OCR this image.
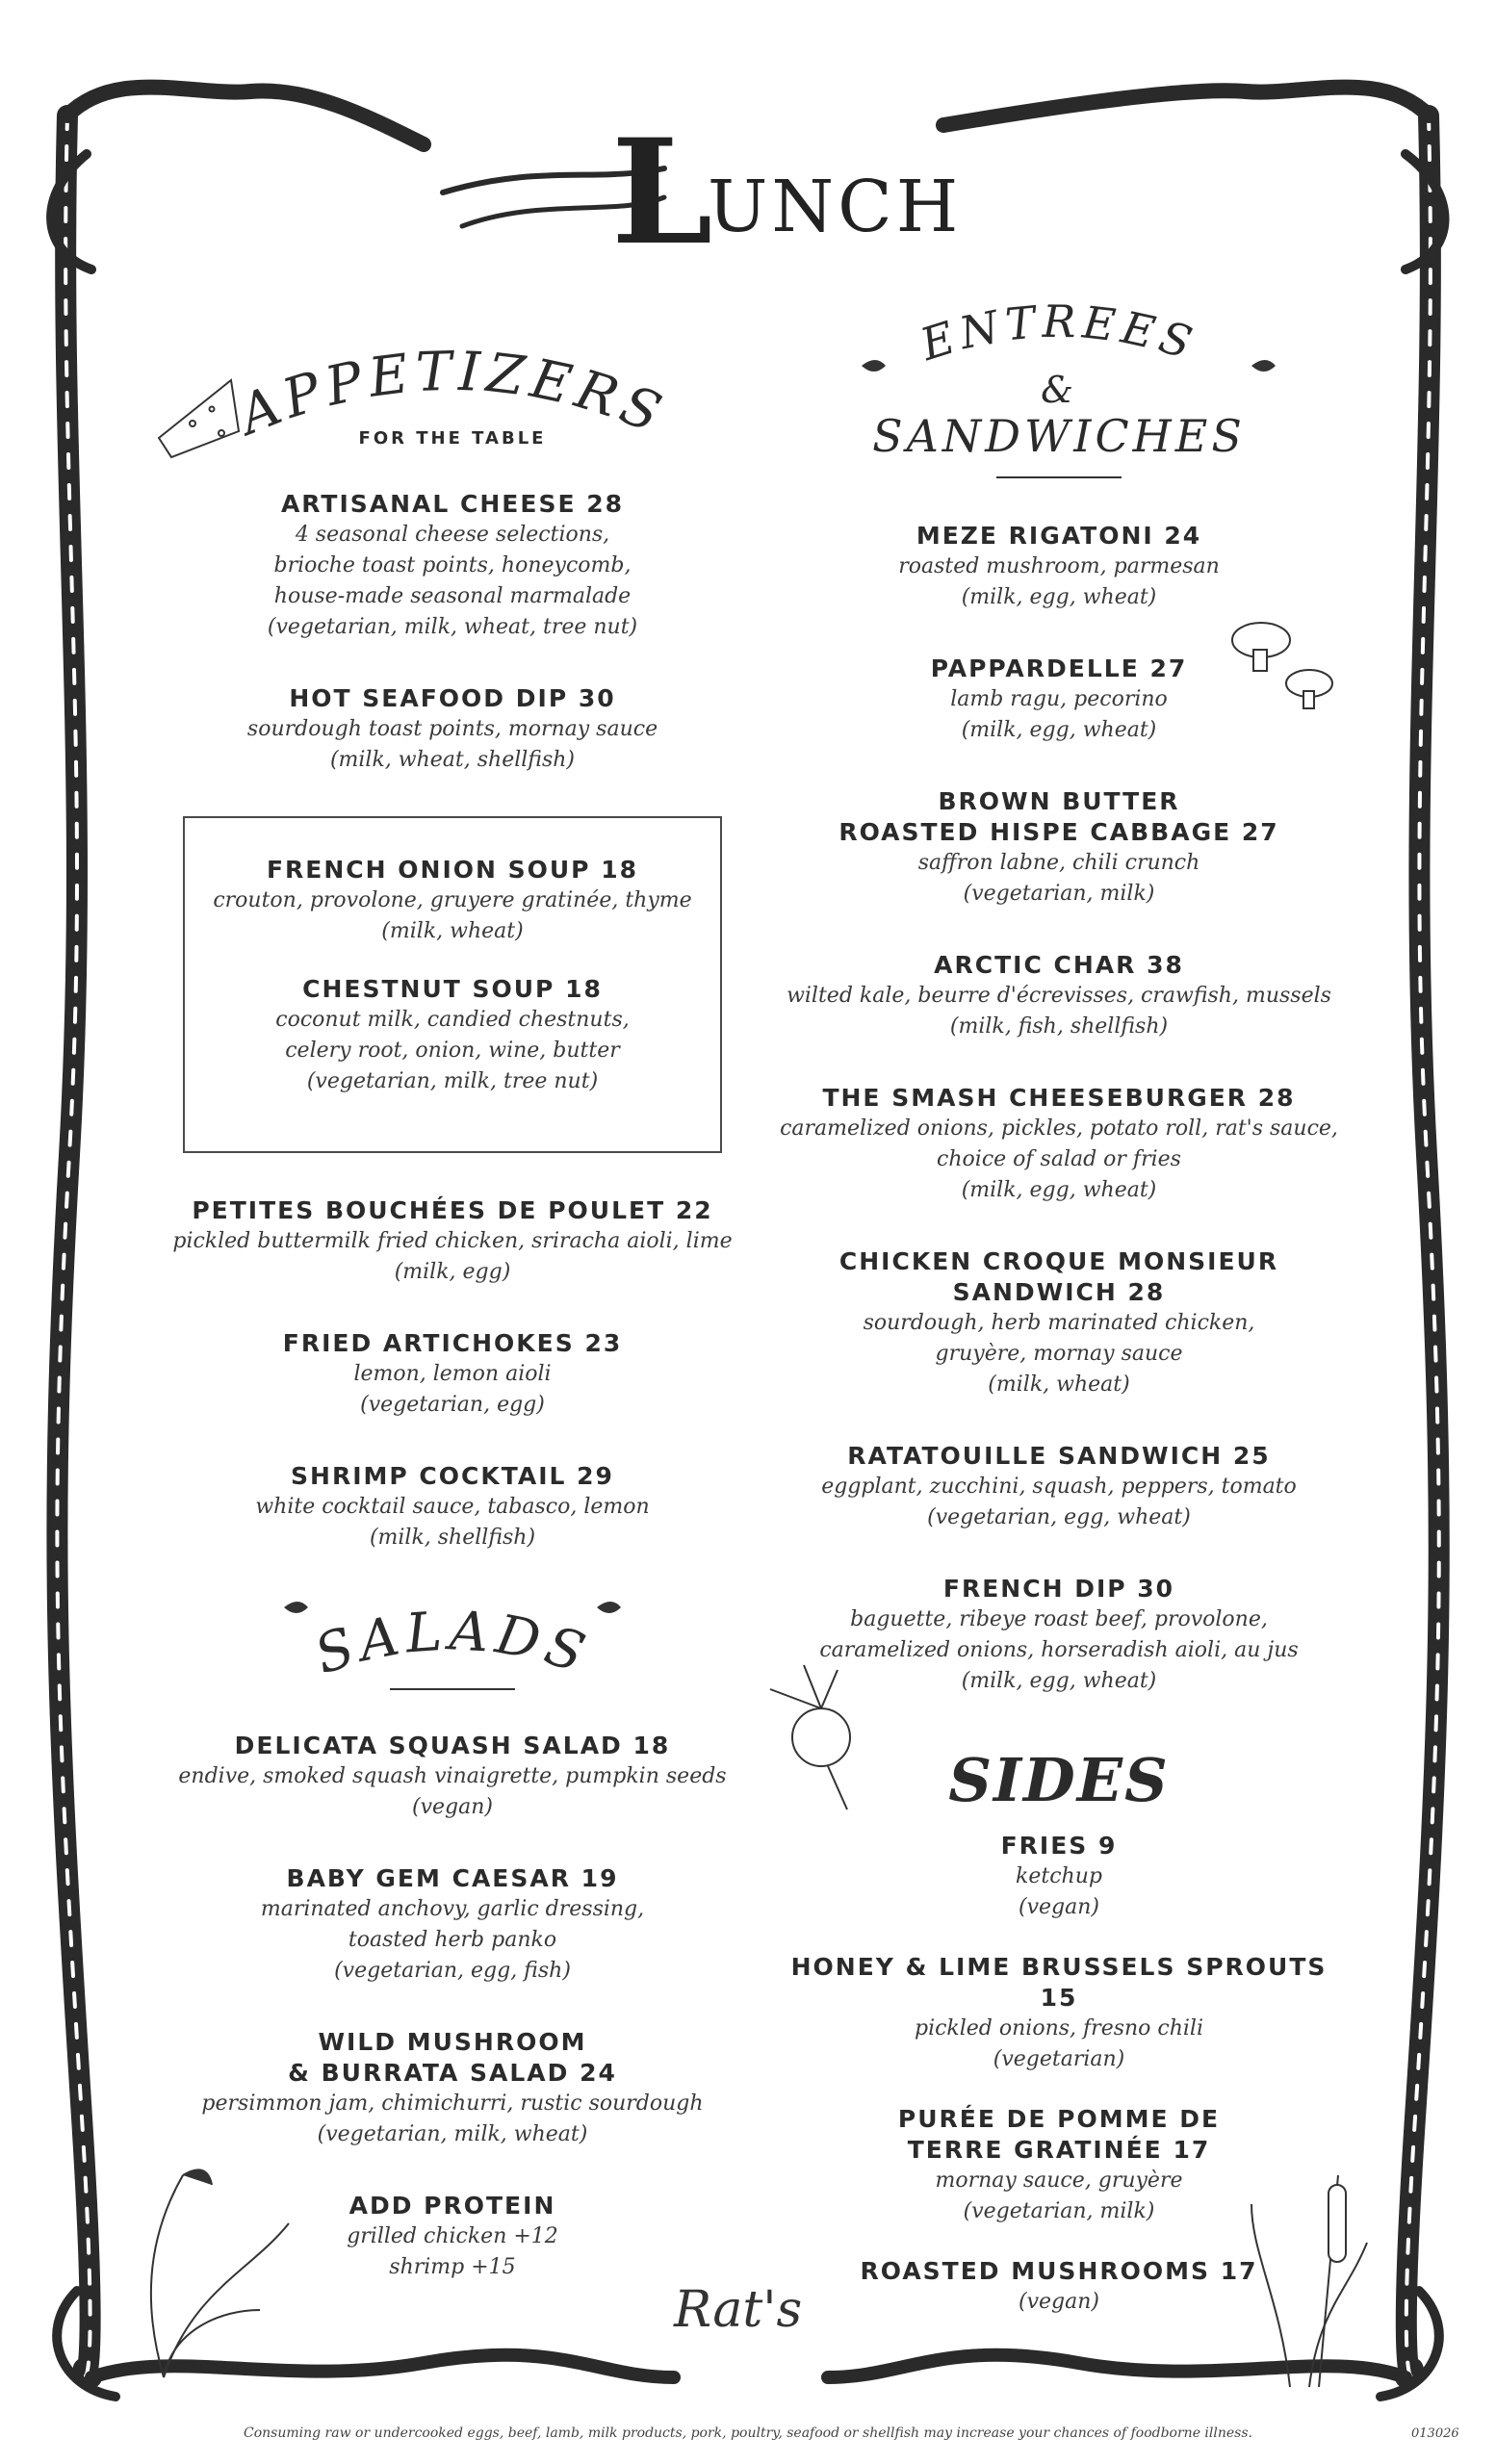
L
UNCH
APPETIZERS
FOR THE TABLE
ARTISANAL CHEESE 28
4 seasonal cheese selections,
brioche toast points, honeycomb,
house-made seasonal marmalade
(vegetarian, milk, wheat, tree nut)
HOT SEAFOOD DIP 30
sourdough toast points, mornay sauce
(milk, wheat, shellfish)
FRENCH ONION SOUP 18
crouton, provolone, gruyere gratinée, thyme
(milk, wheat)
CHESTNUT SOUP 18
coconut milk, candied chestnuts,
celery root, onion, wine, butter
(vegetarian, milk, tree nut)
PETITES BOUCHÉES DE POULET 22
pickled buttermilk fried chicken, sriracha aioli, lime
(milk, egg)
FRIED ARTICHOKES 23
lemon, lemon aioli
(vegetarian, egg)
SHRIMP COCKTAIL 29
white cocktail sauce, tabasco, lemon
(milk, shellfish)
SALADS
DELICATA SQUASH SALAD 18
endive, smoked squash vinaigrette, pumpkin seeds
(vegan)
BABY GEM CAESAR 19
marinated anchovy, garlic dressing,
toasted herb panko
(vegetarian, egg, fish)
WILD MUSHROOM
& BURRATA SALAD 24
persimmon jam, chimichurri, rustic sourdough
(vegetarian, milk, wheat)
ADD PROTEIN
grilled chicken +12
shrimp +15
ENTREES
&
SANDWICHES
MEZE RIGATONI 24
roasted mushroom, parmesan
(milk, egg, wheat)
PAPPARDELLE 27
lamb ragu, pecorino
(milk, egg, wheat)
BROWN BUTTER
ROASTED HISPE CABBAGE 27
saffron labne, chili crunch
(vegetarian, milk)
ARCTIC CHAR 38
wilted kale, beurre d'écrevisses, crawfish, mussels
(milk, fish, shellfish)
THE SMASH CHEESEBURGER 28
caramelized onions, pickles, potato roll, rat's sauce,
choice of salad or fries
(milk, egg, wheat)
CHICKEN CROQUE MONSIEUR
SANDWICH 28
sourdough, herb marinated chicken,
gruyère, mornay sauce
(milk, wheat)
RATATOUILLE SANDWICH 25
eggplant, zucchini, squash, peppers, tomato
(vegetarian, egg, wheat)
FRENCH DIP 30
baguette, ribeye roast beef, provolone,
caramelized onions, horseradish aioli, au jus
(milk, egg, wheat)
SIDES
FRIES 9
ketchup
(vegan)
HONEY & LIME BRUSSELS SPROUTS 15
pickled onions, fresno chili
(vegetarian)
PURÉE DE POMME DE
TERRE GRATINÉE 17
mornay sauce, gruyère
(vegetarian, milk)
ROASTED MUSHROOMS 17
(vegan)
Rat's
Consuming raw or undercooked eggs, beef, lamb, milk products, pork, poultry, seafood or shellfish may increase your chances of foodborne illness.	013026
